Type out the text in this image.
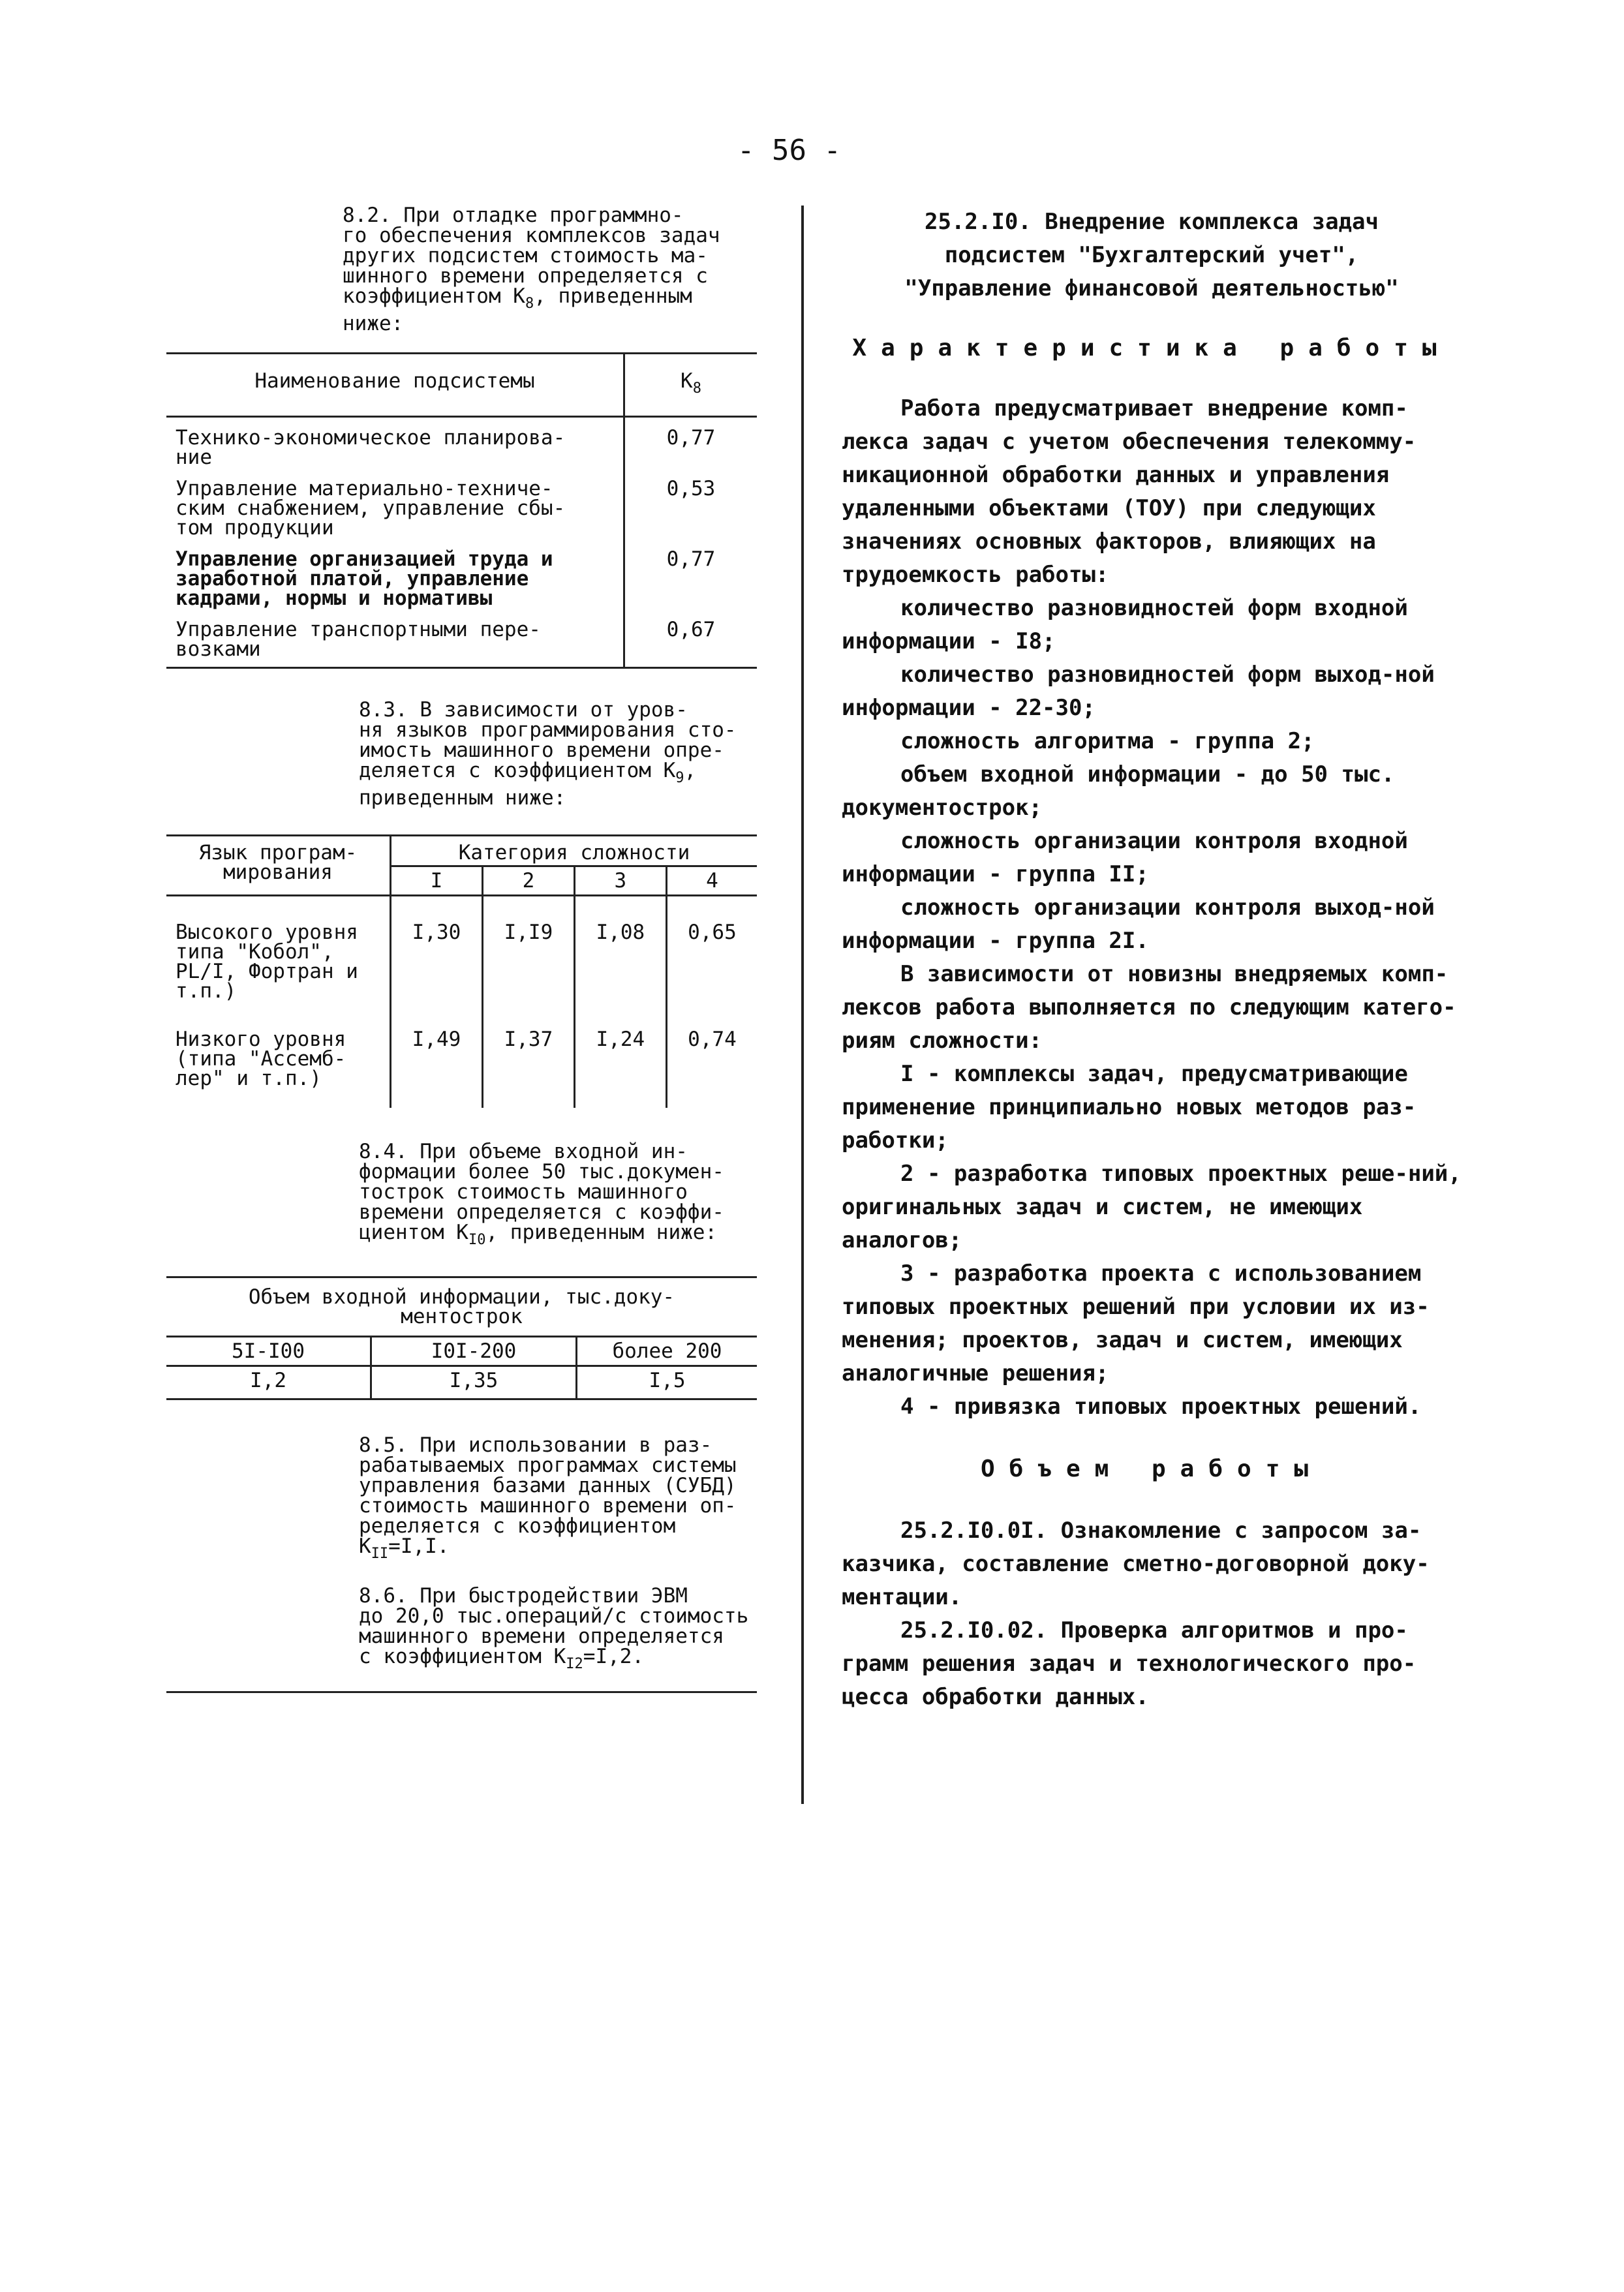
- 56 -
8.2. При отладке программно-
го обеспечения комплексов задач
других подсистем стоимость ма-
шинного времени определяется с
коэффициентом $K_8$, приведенным
ниже:
Наименование подсистемы	$K_8$
Технико-экономическое планирова-
ние	0,77
Управление материально-техниче-
ским снабжением, управление сбы-
том продукции	0,53
Управление организацией труда и
заработной платой, управление
кадрами, нормы и нормативы	0,77
Управление транспортными пере-
возками	0,67
8.3. В зависимости от уров-
ня языков программирования сто-
имость машинного времени опре-
деляется с коэффициентом $K_9$,
приведенным ниже:
Язык програм-
мирования	Категория сложности			
	I	2	3	4
Высокого уровня
типа "Кобол",
PL/I, Фортран и
т.п.)	I,30	I,I9	I,08	0,65
Низкого уровня
(типа "Ассемб-
лер" и т.п.)	I,49	I,37	I,24	0,74
8.4. При объеме входной ин-
формации более 50 тыс.докумен-
тострок стоимость машинного
времени определяется с коэффи-
циентом $K_{I0}$, приведенным ниже:
Объем входной информации, тыс.доку-
ментострок		
5I-I00	I0I-200	более 200
I,2	I,35	I,5
8.5. При использовании в раз-
рабатываемых программах системы
управления базами данных (СУБД)
стоимость машинного времени оп-
ределяется с коэффициентом
$K_{II}=I,I$.
8.6. При быстродействии ЭВМ
до 20,0 тыс.операций/с стоимость
машинного времени определяется
с коэффициентом $K_{I2}=I,2$.
25.2.I0. Внедрение комплекса задач
подсистем "Бухгалтерский учет",
"Управление финансовой деятельностью"
Характеристика работы

Работа предусматривает внедрение комп-лекса задач с учетом обеспечения телекомму-никационной обработки данных и управления удаленными объектами (ТОУ) при следующих значениях основных факторов, влияющих на трудоемкость работы:

количество разновидностей форм входной информации - I8;

количество разновидностей форм выход-ной информации - 22-30;

сложность алгоритма - группа 2;

объем входной информации - до 50 тыс. документострок;

сложность организации контроля входной информации - группа II;

сложность организации контроля выход-ной информации - группа 2I.

В зависимости от новизны внедряемых комп-лексов работа выполняется по следующим катего-риям сложности:

I - комплексы задач, предусматривающие применение принципиально новых методов раз-работки;

2 - разработка типовых проектных реше-ний, оригинальных задач и систем, не имеющих аналогов;

3 - разработка проекта с использованием типовых проектных решений при условии их из-менения; проектов, задач и систем, имеющих аналогичные решения;

4 - привязка типовых проектных решений.

Объем работы

25.2.I0.0I. Ознакомление с запросом за-казчика, составление сметно-договорной доку-ментации.

25.2.I0.02. Проверка алгоритмов и про-грамм решения задач и технологического про-цесса обработки данных.
